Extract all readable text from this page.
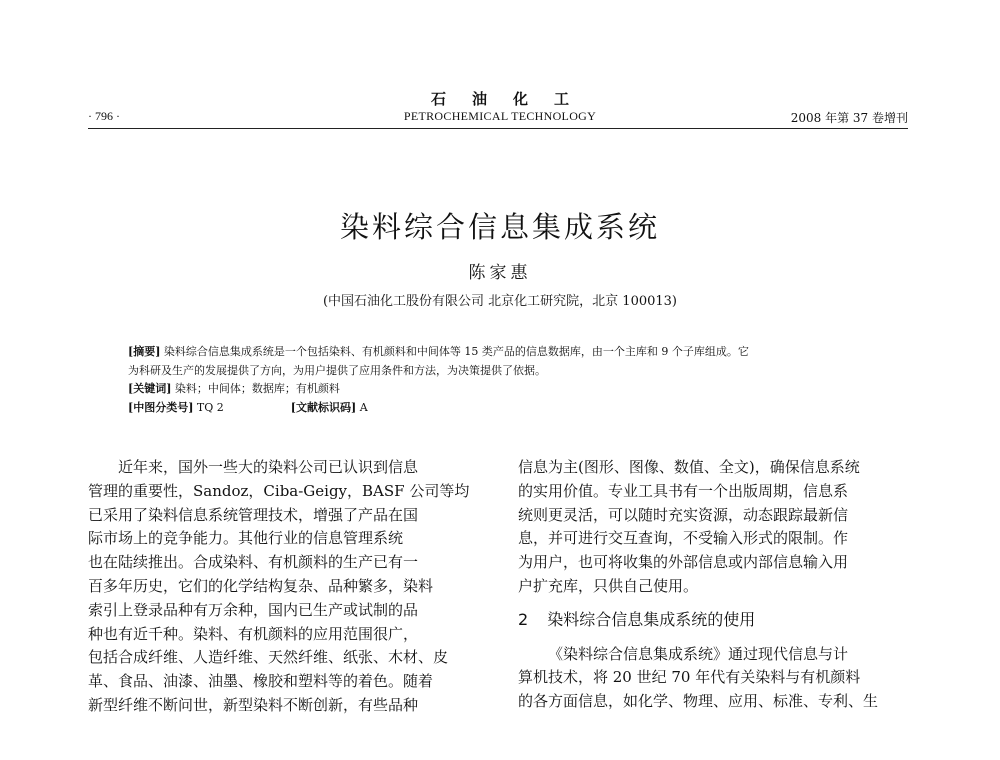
石油化工
· 796 ·	PETROCHEMICAL TECHNOLOGY	2008 年第 37 卷增刊
染料综合信息集成系统
陈家惠
(中国石油化工股份有限公司 北京化工研究院，北京 100013)
[摘要] 染料综合信息集成系统是一个包括染料、有机颜料和中间体等 15 类产品的信息数据库，由一个主库和 9 个子库组成。它
为科研及生产的发展提供了方向，为用户提供了应用条件和方法，为决策提供了依据。
[关键词] 染料；中间体；数据库；有机颜料
[中图分类号] TQ 2	[文献标识码] A

近年来，国外一些大的染料公司已认识到信息
管理的重要性，Sandoz，Ciba-Geigy，BASF 公司等均
已采用了染料信息系统管理技术，增强了产品在国
际市场上的竞争能力。其他行业的信息管理系统
也在陆续推出。合成染料、有机颜料的生产已有一
百多年历史，它们的化学结构复杂、品种繁多，染料
索引上登录品种有万余种，国内已生产或试制的品
种也有近千种。染料、有机颜料的应用范围很广，
包括合成纤维、人造纤维、天然纤维、纸张、木材、皮
革、食品、油漆、油墨、橡胶和塑料等的着色。随着
新型纤维不断问世，新型染料不断创新，有些品种

信息为主(图形、图像、数值、全文)，确保信息系统
的实用价值。专业工具书有一个出版周期，信息系
统则更灵活，可以随时充实资源，动态跟踪最新信
息，并可进行交互查询，不受输入形式的限制。作
为用户，也可将收集的外部信息或内部信息输入用
户扩充库，只供自己使用。

2 染料综合信息集成系统的使用

《染料综合信息集成系统》通过现代信息与计
算机技术，将 20 世纪 70 年代有关染料与有机颜料
的各方面信息，如化学、物理、应用、标准、专利、生
